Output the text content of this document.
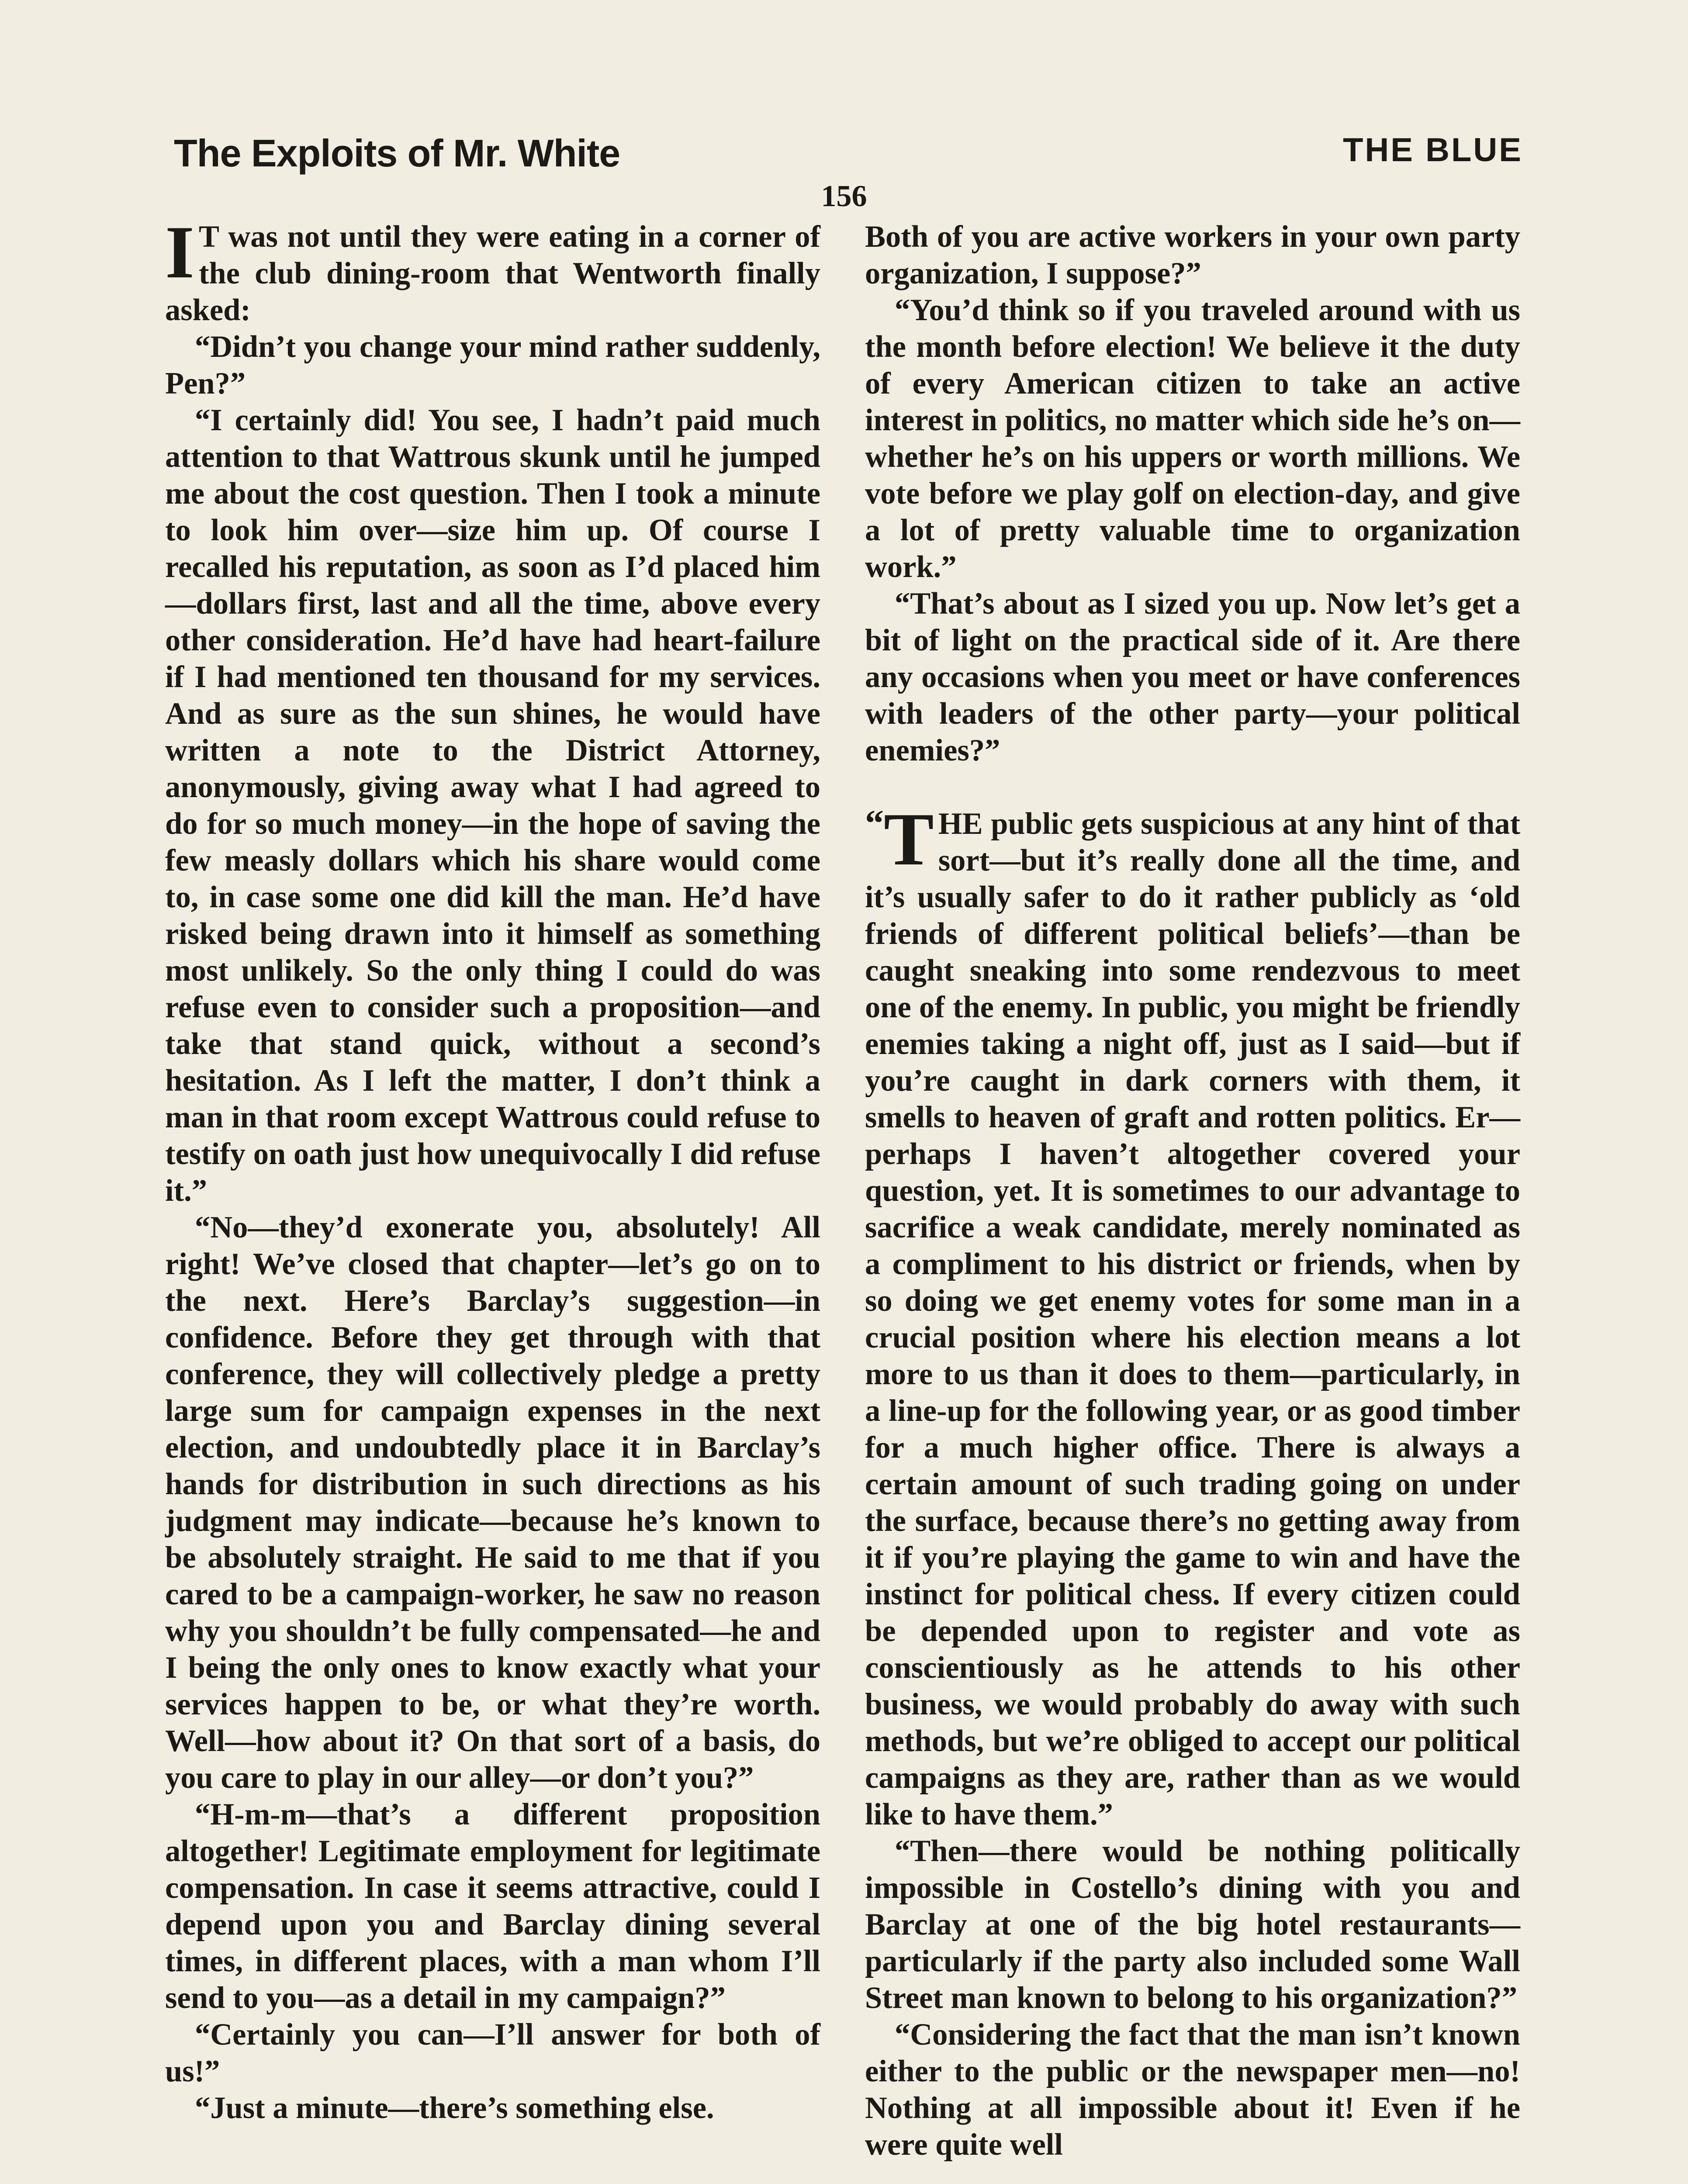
The Exploits of Mr. White	THE BLUE
156

I T was not until they were eating in a corner of the club dining-room that Wentworth finally asked:

“Didn’t you change your mind rather suddenly, Pen?”

“I certainly did! You see, I hadn’t paid much attention to that Wattrous skunk until he jumped me about the cost question. Then I took a minute to look him over—size him up. Of course I recalled his reputation, as soon as I’d placed him—dollars first, last and all the time, above every other consideration. He’d have had heart-failure if I had mentioned ten thousand for my services. And as sure as the sun shines, he would have written a note to the District Attorney, anonymously, giving away what I had agreed to do for so much money—in the hope of saving the few measly dollars which his share would come to, in case some one did kill the man. He’d have risked being drawn into it himself as something most unlikely. So the only thing I could do was refuse even to consider such a proposition—and take that stand quick, without a second’s hesitation. As I left the matter, I don’t think a man in that room except Wattrous could refuse to testify on oath just how unequivocally I did refuse it.”

“No—they’d exonerate you, absolutely! All right! We’ve closed that chapter—let’s go on to the next. Here’s Barclay’s suggestion—in confidence. Before they get through with that conference, they will collectively pledge a pretty large sum for campaign expenses in the next election, and undoubtedly place it in Barclay’s hands for distribution in such directions as his judgment may indicate—because he’s known to be absolutely straight. He said to me that if you cared to be a campaign-worker, he saw no reason why you shouldn’t be fully compensated—he and I being the only ones to know exactly what your services happen to be, or what they’re worth. Well—how about it? On that sort of a basis, do you care to play in our alley—or don’t you?”

“H-m-m—that’s a different proposition altogether! Legitimate employment for legitimate compensation. In case it seems attractive, could I depend upon you and Barclay dining several times, in different places, with a man whom I’ll send to you—as a detail in my campaign?”

“Certainly you can—I’ll answer for both of us!”

“Just a minute—there’s something else.

Both of you are active workers in your own party organization, I suppose?”

“You’d think so if you traveled around with us the month before election! We believe it the duty of every American citizen to take an active interest in politics, no matter which side he’s on—whether he’s on his uppers or worth millions. We vote before we play golf on election-day, and give a lot of pretty valuable time to organization work.”

“That’s about as I sized you up. Now let’s get a bit of light on the practical side of it. Are there any occasions when you meet or have conferences with leaders of the other party—your political enemies?”

“ T HE public gets suspicious at any hint of that sort—but it’s really done all the time, and it’s usually safer to do it rather publicly as ‘old friends of different political beliefs’—than be caught sneaking into some rendezvous to meet one of the enemy. In public, you might be friendly enemies taking a night off, just as I said—but if you’re caught in dark corners with them, it smells to heaven of graft and rotten politics. Er—perhaps I haven’t altogether covered your question, yet. It is sometimes to our advantage to sacrifice a weak candidate, merely nominated as a compliment to his district or friends, when by so doing we get enemy votes for some man in a crucial position where his election means a lot more to us than it does to them—particularly, in a line-up for the following year, or as good timber for a much higher office. There is always a certain amount of such trading going on under the surface, because there’s no getting away from it if you’re playing the game to win and have the instinct for political chess. If every citizen could be depended upon to register and vote as conscientiously as he attends to his other business, we would probably do away with such methods, but we’re obliged to accept our political campaigns as they are, rather than as we would like to have them.”

“Then—there would be nothing politically impossible in Costello’s dining with you and Barclay at one of the big hotel restaurants—particularly if the party also included some Wall Street man known to belong to his organization?”

“Considering the fact that the man isn’t known either to the public or the newspaper men—no! Nothing at all impossible about it! Even if he were quite well
